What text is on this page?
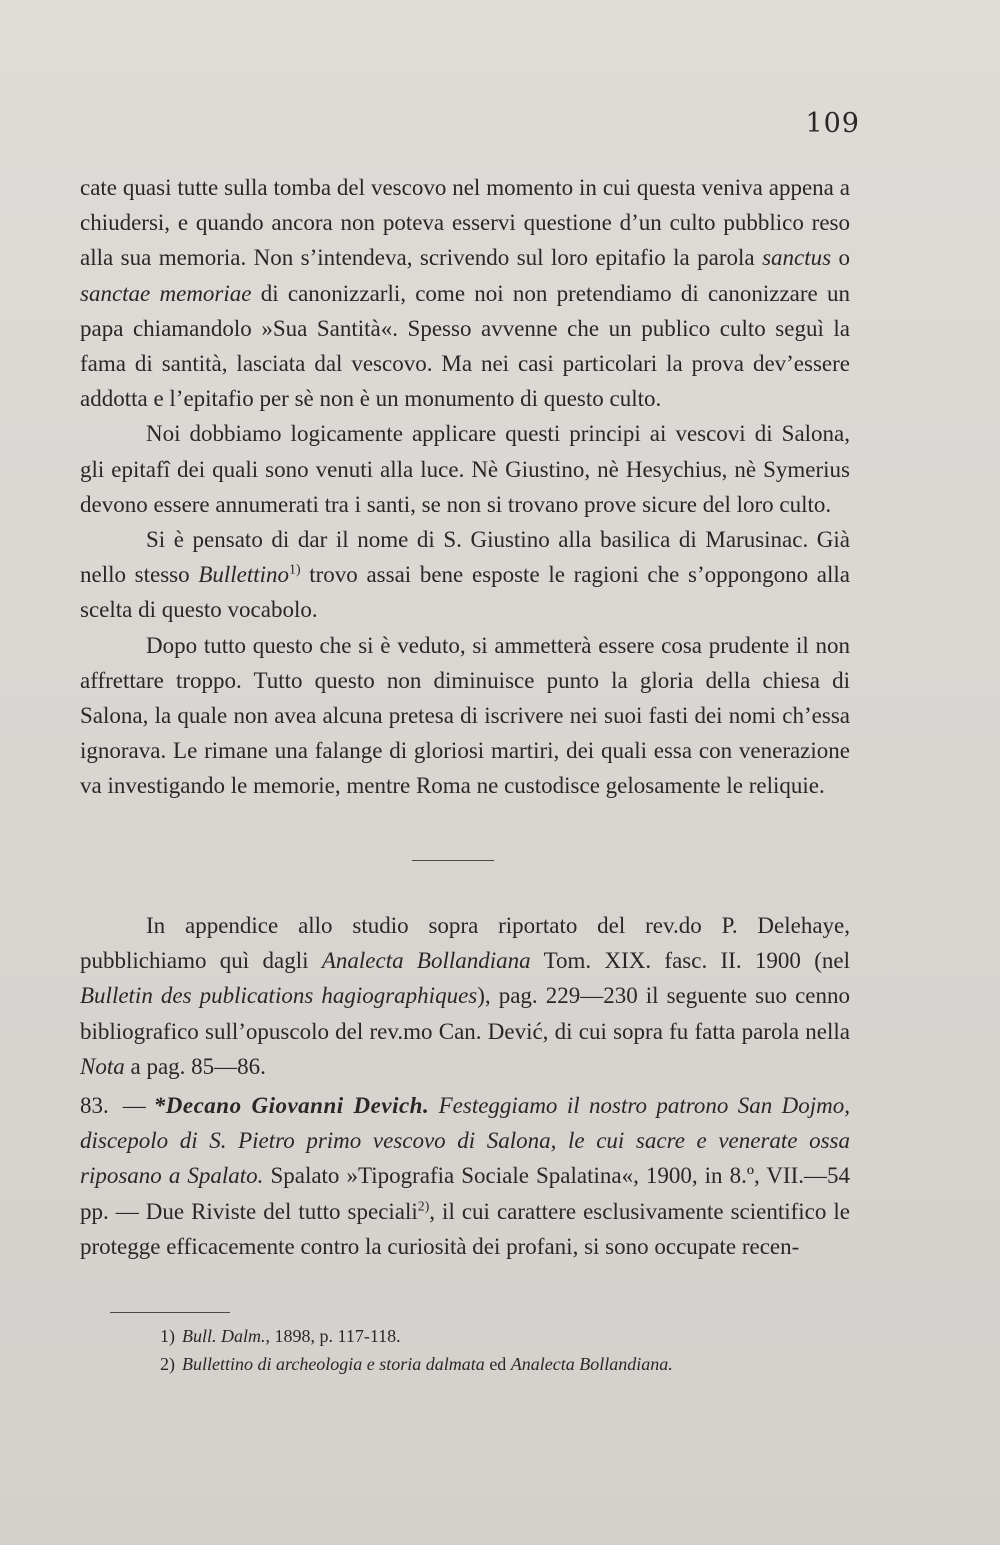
109

cate quasi tutte sulla tomba del vescovo nel momento in cui questa veniva appena a chiudersi, e quando ancora non poteva esservi questione d’un culto pubblico reso alla sua memoria. Non s’intendeva, scrivendo sul loro epitafio la parola sanctus o sanctae memoriae di canonizzarli, come noi non pretendiamo di canonizzare un papa chiamandolo »Sua Santità«. Spesso avvenne che un publico culto seguì la fama di santità, lasciata dal vescovo. Ma nei casi particolari la prova dev’essere addotta e l’epitafio per sè non è un monumento di questo culto.

Noi dobbiamo logicamente applicare questi principi ai vescovi di Salona, gli epitafî dei quali sono venuti alla luce. Nè Giustino, nè Hesychius, nè Symerius devono essere annumerati tra i santi, se non si trovano prove sicure del loro culto.

Si è pensato di dar il nome di S. Giustino alla basilica di Marusinac. Già nello stesso Bullettino$^{1)}$ trovo assai bene esposte le ragioni che s’oppongono alla scelta di questo vocabolo.

Dopo tutto questo che si è veduto, si ammetterà essere cosa prudente il non affrettare troppo. Tutto questo non diminuisce punto la gloria della chiesa di Salona, la quale non avea alcuna pretesa di iscrivere nei suoi fasti dei nomi ch’essa ignorava. Le rimane una falange di gloriosi martiri, dei quali essa con venerazione va investigando le memorie, mentre Roma ne custodisce gelosamente le reliquie.

In appendice allo studio sopra riportato del rev.do P. Delehaye, pubblichiamo quì dagli Analecta Bollandiana Tom. XIX. fasc. II. 1900 (nel Bulletin des publications hagiographiques), pag. 229—230 il seguente suo cenno bibliografico sull’opuscolo del rev.mo Can. Dević, di cui sopra fu fatta parola nella Nota a pag. 85—86.

83. — *Decano Giovanni Devich. Festeggiamo il nostro patrono San Dojmo, discepolo di S. Pietro primo vescovo di Salona, le cui sacre e venerate ossa riposano a Spalato. Spalato »Tipografia Sociale Spalatina«, 1900, in 8.º, VII.—54 pp. — Due Riviste del tutto speciali$^{2)}$, il cui carattere esclusivamente scientifico le protegge efficacemente contro la curiosità dei profani, si sono occupate recen-

1) Bull. Dalm., 1898, p. 117-118.
2) Bullettino di archeologia e storia dalmata ed Analecta Bollandiana.
